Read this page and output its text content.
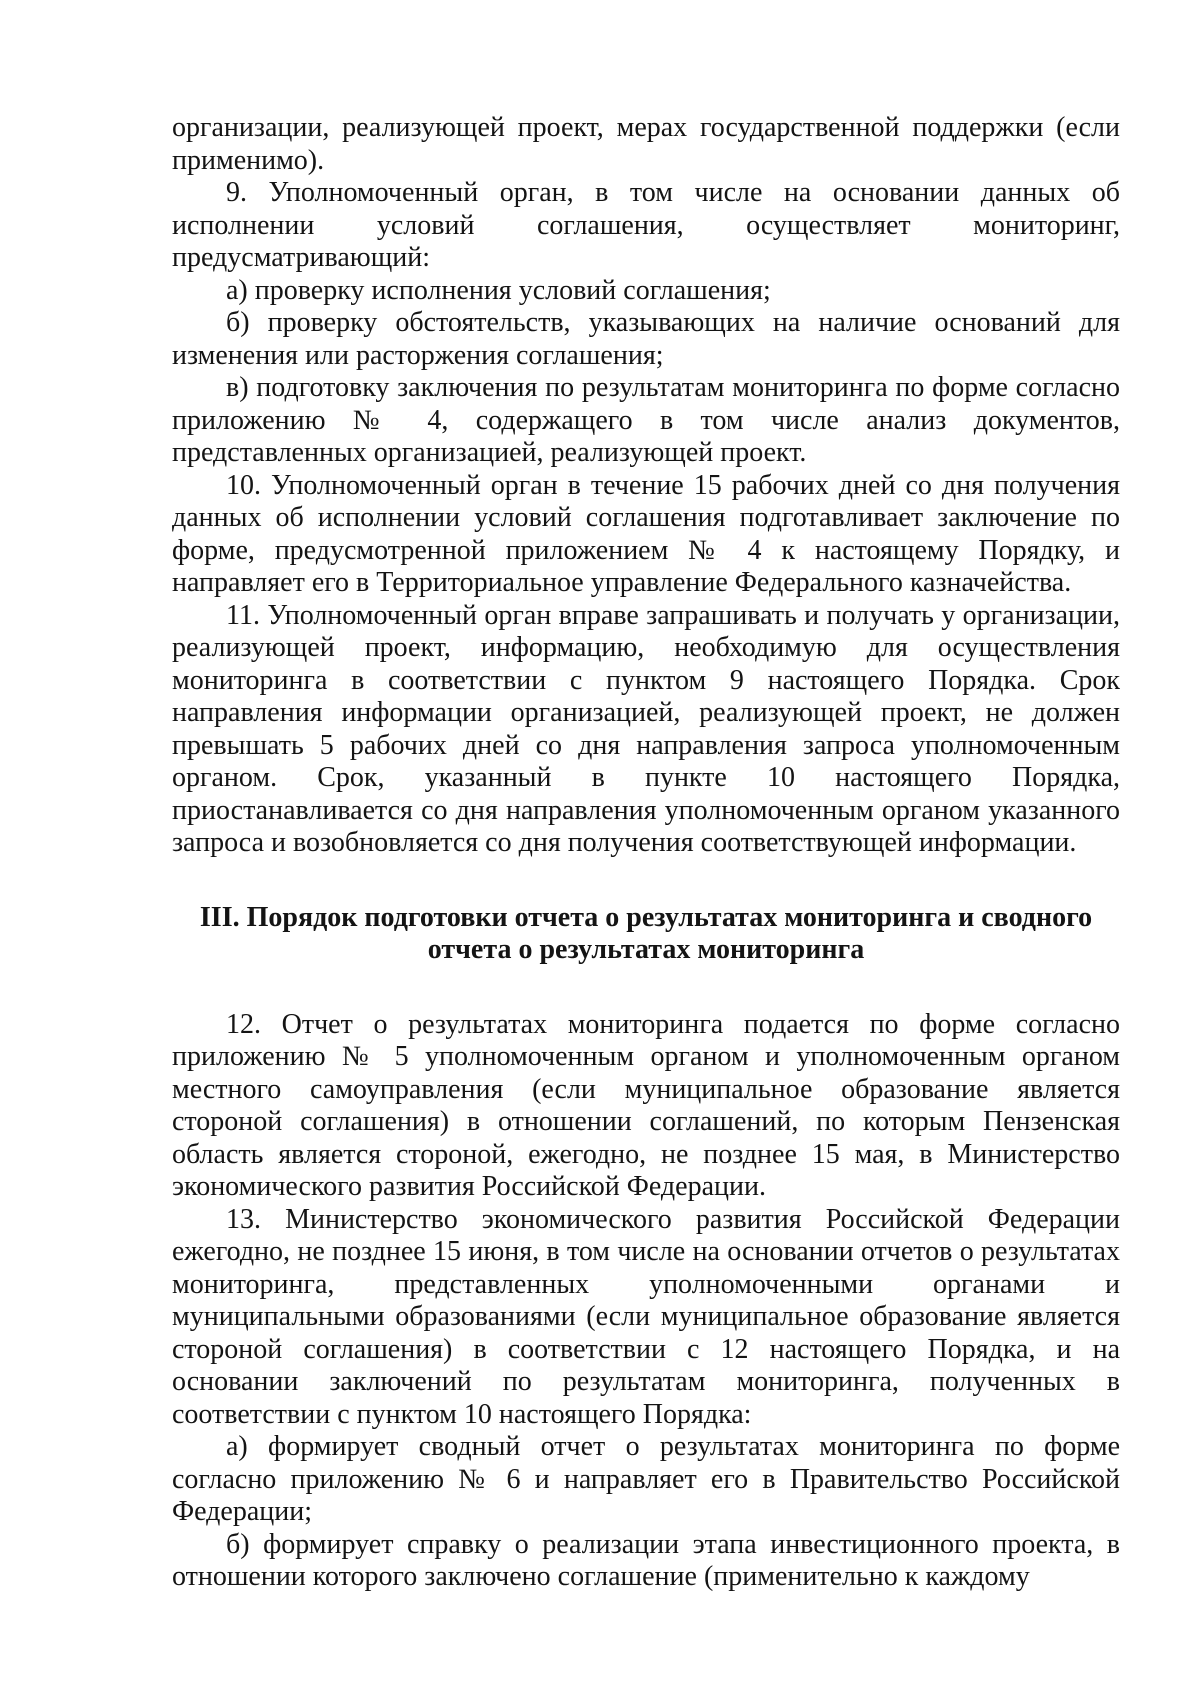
организации, реализующей проект, мерах государственной поддержки (если применимо).

9. Уполномоченный орган, в том числе на основании данных об исполнении условий соглашения, осуществляет мониторинг, предусматривающий:

а) проверку исполнения условий соглашения;

б) проверку обстоятельств, указывающих на наличие оснований для изменения или расторжения соглашения;

в) подготовку заключения по результатам мониторинга по форме согласно приложению № 4, содержащего в том числе анализ документов, представленных организацией, реализующей проект.

10. Уполномоченный орган в течение 15 рабочих дней со дня получения данных об исполнении условий соглашения подготавливает заключение по форме, предусмотренной приложением № 4 к настоящему Порядку, и направляет его в Территориальное управление Федерального казначейства.

11. Уполномоченный орган вправе запрашивать и получать у организации, реализующей проект, информацию, необходимую для осуществления мониторинга в соответствии с пунктом 9 настоящего Порядка. Срок направления информации организацией, реализующей проект, не должен превышать 5 рабочих дней со дня направления запроса уполномоченным органом. Срок, указанный в пункте 10 настоящего Порядка, приостанавливается со дня направления уполномоченным органом указанного запроса и возобновляется со дня получения соответствующей информации.

III. Порядок подготовки отчета о результатах мониторинга и сводного отчета о результатах мониторинга

12. Отчет о результатах мониторинга подается по форме согласно приложению № 5 уполномоченным органом и уполномоченным органом местного самоуправления (если муниципальное образование является стороной соглашения) в отношении соглашений, по которым Пензенская область является стороной, ежегодно, не позднее 15 мая, в Министерство экономического развития Российской Федерации.

13. Министерство экономического развития Российской Федерации ежегодно, не позднее 15 июня, в том числе на основании отчетов о результатах мониторинга, представленных уполномоченными органами и муниципальными образованиями (если муниципальное образование является стороной соглашения) в соответствии с 12 настоящего Порядка, и на основании заключений по результатам мониторинга, полученных в соответствии с пунктом 10 настоящего Порядка:

а) формирует сводный отчет о результатах мониторинга по форме согласно приложению № 6 и направляет его в Правительство Российской Федерации;

б) формирует справку о реализации этапа инвестиционного проекта, в отношении которого заключено соглашение (применительно к каждому
